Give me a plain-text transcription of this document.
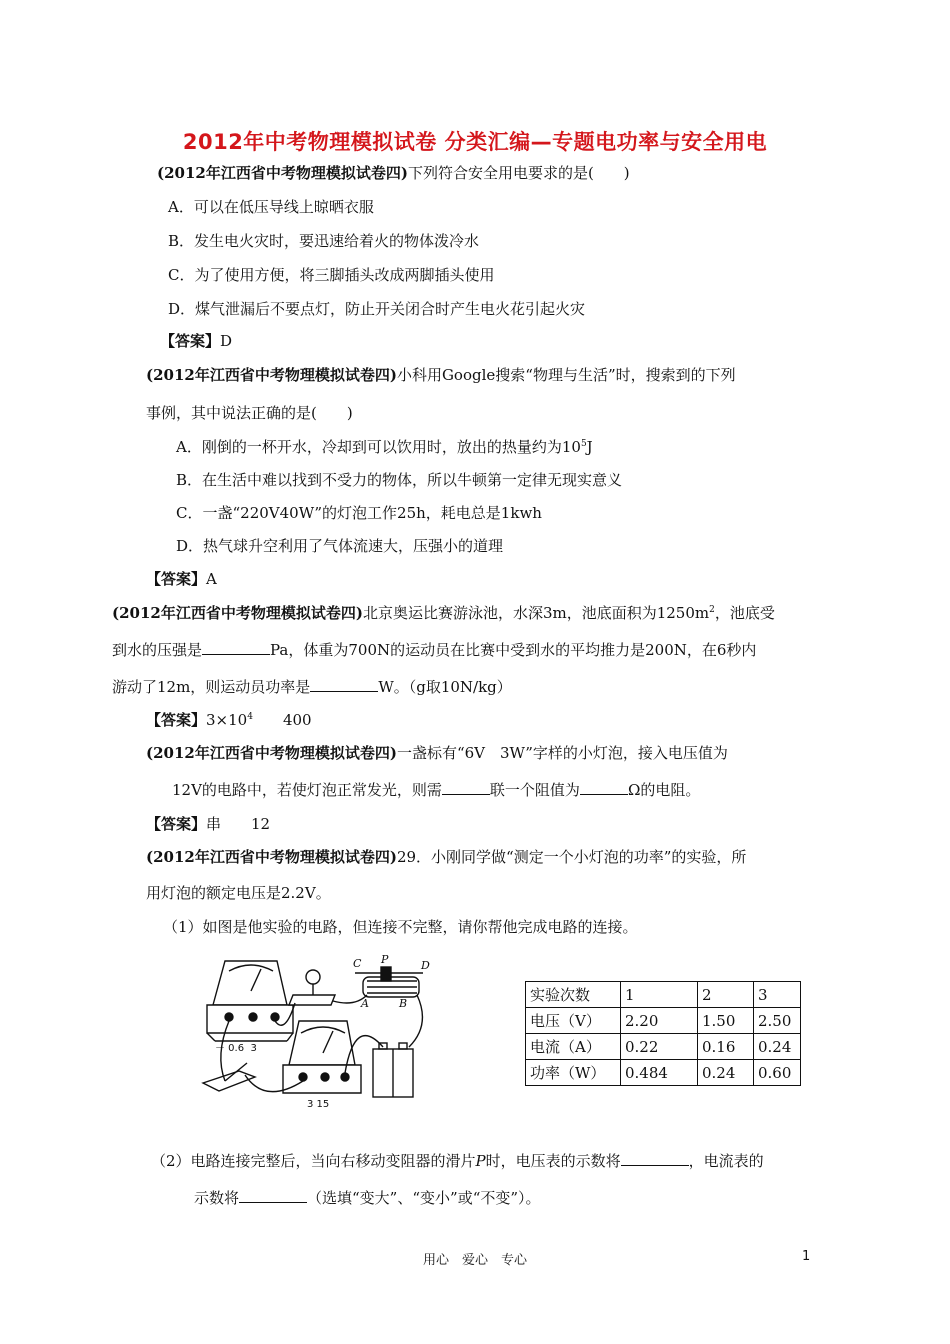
2012年中考物理模拟试卷 分类汇编—专题电功率与安全用电
(2012年江西省中考物理模拟试卷四)下列符合安全用电要求的是(　　)
A．可以在低压导线上晾晒衣服
B．发生电火灾时，要迅速给着火的物体泼冷水
C．为了使用方便，将三脚插头改成两脚插头使用
D．煤气泄漏后不要点灯，防止开关闭合时产生电火花引起火灾
【答案】D
(2012年江西省中考物理模拟试卷四)小科用Google搜索“物理与生活”时，搜索到的下列
事例，其中说法正确的是(　　)
A．刚倒的一杯开水，冷却到可以饮用时，放出的热量约为$10^5J$
B．在生活中难以找到不受力的物体，所以牛顿第一定律无现实意义
C．一盏“220V40W”的灯泡工作25h，耗电总是1kwh
D．热气球升空利用了气体流速大，压强小的道理
【答案】A
(2012年江西省中考物理模拟试卷四)北京奥运比赛游泳池，水深3m，池底面积为$1250m^2$，池底受
到水的压强是	Pa，体重为700N的运动员在比赛中受到水的平均推力是200N，在6秒内
游动了12m，则运动员功率是	W。（g取10N/kg）
【答案】$3\times 10^4$　　400
(2012年江西省中考物理模拟试卷四)一盏标有“6V　3W”字样的小灯泡，接入电压值为
12V的电路中，若使灯泡正常发光，则需	联一个阻值为	Ω的电阻。
【答案】串　　12
(2012年江西省中考物理模拟试卷四)29．小刚同学做“测定一个小灯泡的功率”的实验，所
用灯泡的额定电压是2.2V。
（1）如图是他实验的电路，但连接不完整，请你帮他完成电路的连接。
C P	D
A	B
－ 0.6  3
3 15
实验次数	1	2	3
电压（V）	2.20	1.50	2.50
电流（A）	0.22	0.16	0.24
功率（W）	0.484	0.24	0.60
（2）电路连接完整后，当向右移动变阻器的滑片P时，电压表的示数将	，电流表的
示数将	（选填“变大”、“变小”或“不变”）。
用心　爱心　专心	1
